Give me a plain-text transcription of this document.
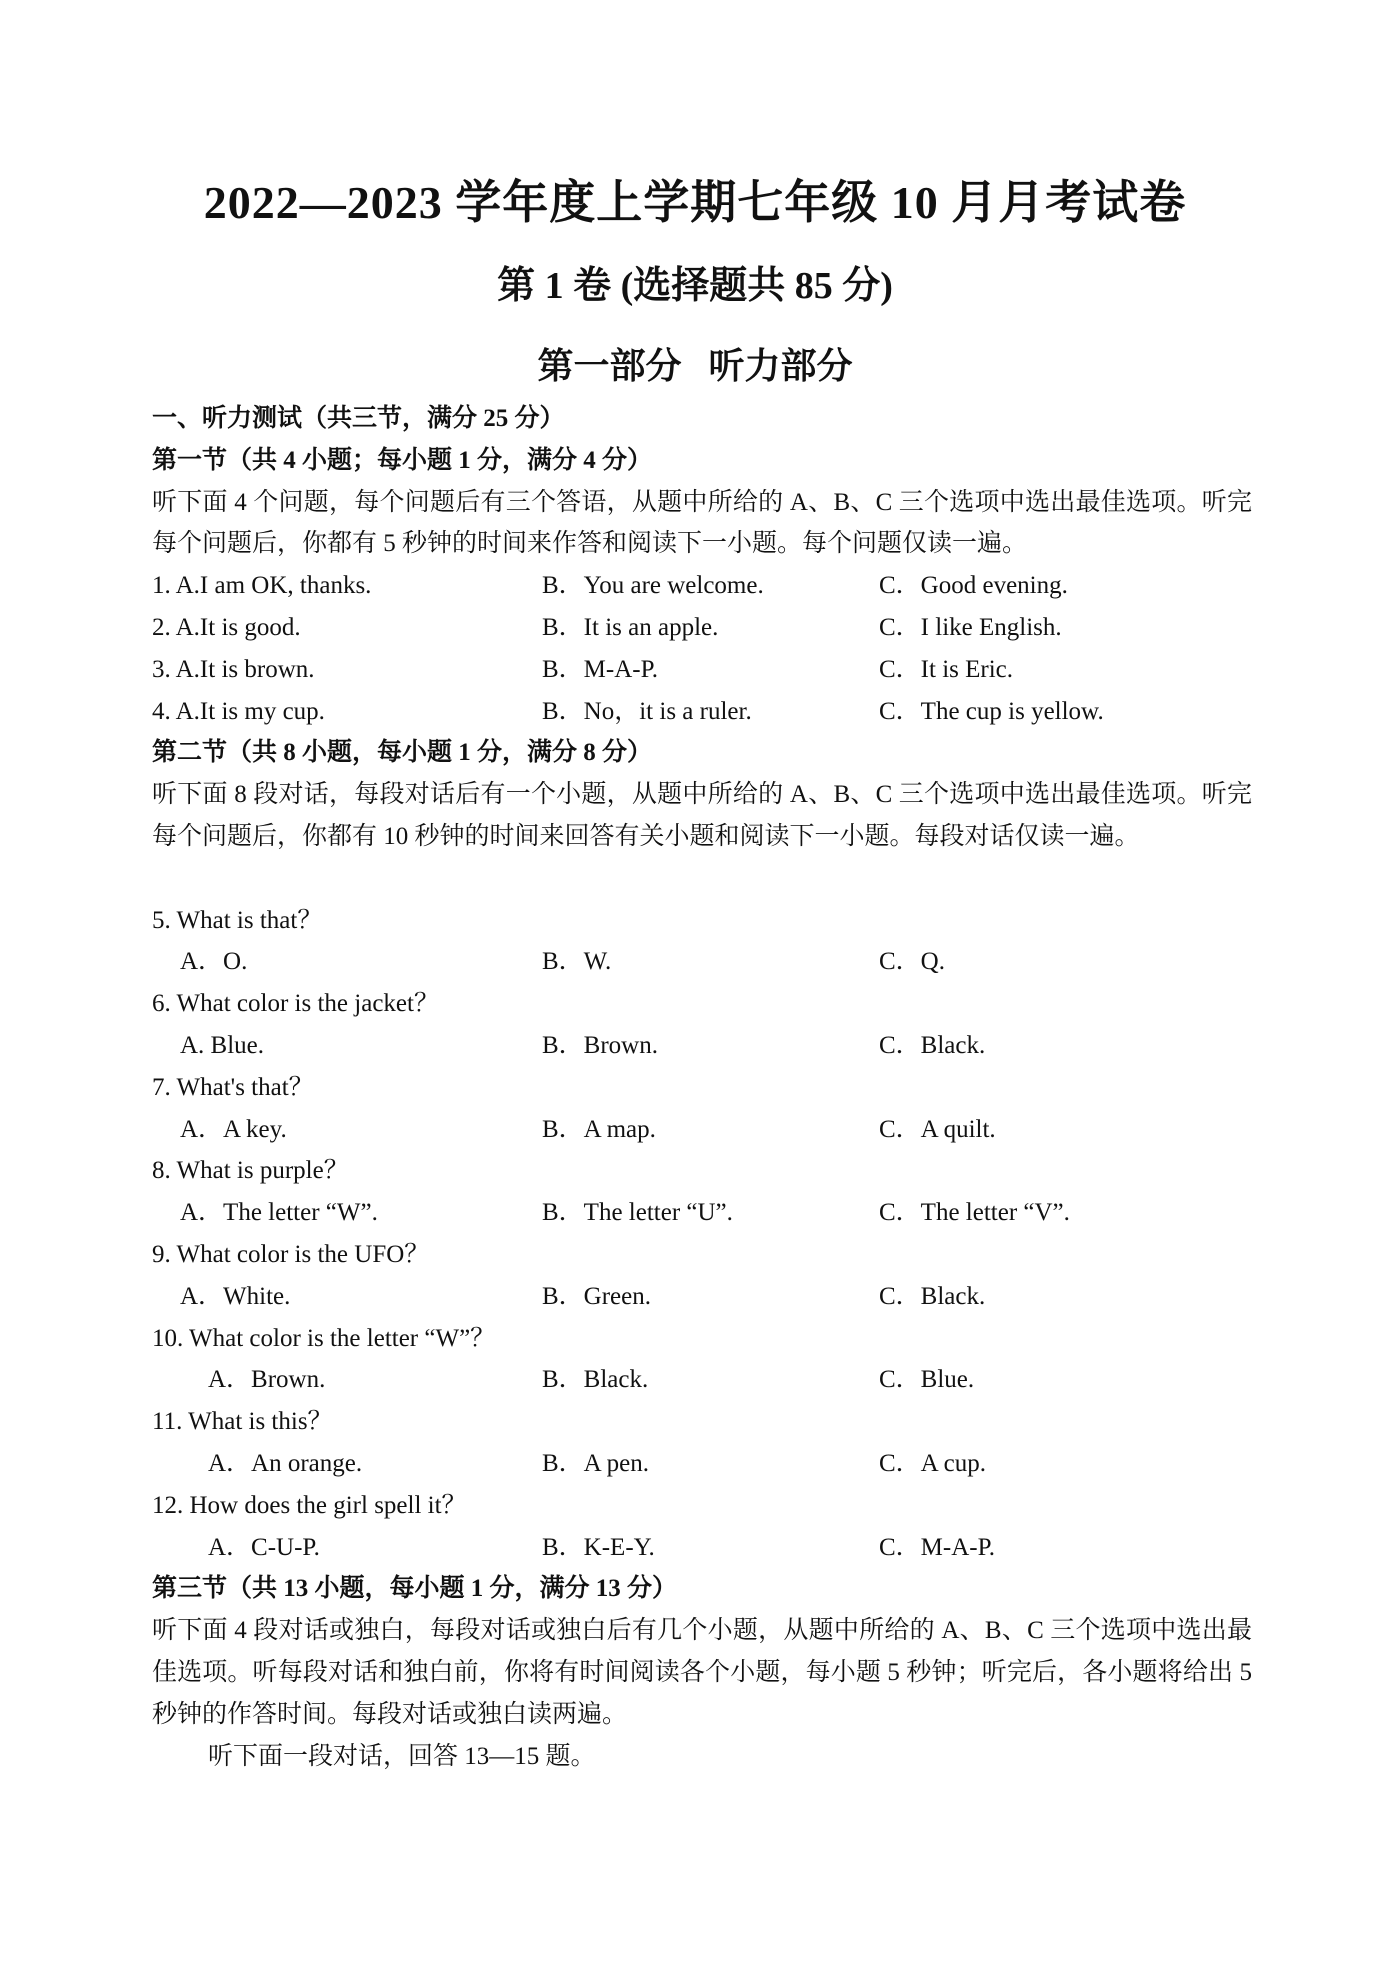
2022—2023 学年度上学期七年级 10 月月考试卷
第 1 卷 (选择题共 85 分)
第一部分 听力部分
一、听力测试（共三节，满分 25 分）
第一节（共 4 小题；每小题 1 分，满分 4 分）
听下面 4 个问题，每个问题后有三个答语，从题中所给的 A、B、C 三个选项中选出最佳选项。听完每个问题后，你都有 5 秒钟的时间来作答和阅读下一小题。每个问题仅读一遍。
1. A.I am OK, thanks.	B．You are welcome.	C．Good evening.
2. A.It is good.	B．It is an apple.	C．I like English.
3. A.It is brown.	B．M-A-P.	C．It is Eric.
4. A.It is my cup.	B．No，it is a ruler.	C．The cup is yellow.
第二节（共 8 小题，每小题 1 分，满分 8 分）
听下面 8 段对话，每段对话后有一个小题，从题中所给的 A、B、C 三个选项中选出最佳选项。听完每个问题后，你都有 10 秒钟的时间来回答有关小题和阅读下一小题。每段对话仅读一遍。
5. What is that？
A．O.	B．W.	C．Q.
6. What color is the jacket？
A. Blue.	B．Brown.	C．Black.
7. What's that？
A．A key.	B．A map.	C．A quilt.
8. What is purple？
A．The letter “W”.	B．The letter “U”.	C．The letter “V”.
9. What color is the UFO？
A．White.	B．Green.	C．Black.
10. What color is the letter “W”？
A．Brown.	B．Black.	C．Blue.
11. What is this？
A．An orange.	B．A pen.	C．A cup.
12. How does the girl spell it？
A．C-U-P.	B．K-E-Y.	C．M-A-P.
第三节（共 13 小题，每小题 1 分，满分 13 分）
听下面 4 段对话或独白，每段对话或独白后有几个小题，从题中所给的 A、B、C 三个选项中选出最佳选项。听每段对话和独白前，你将有时间阅读各个小题，每小题 5 秒钟；听完后，各小题将给出 5 秒钟的作答时间。每段对话或独白读两遍。
听下面一段对话，回答 13—15 题。
